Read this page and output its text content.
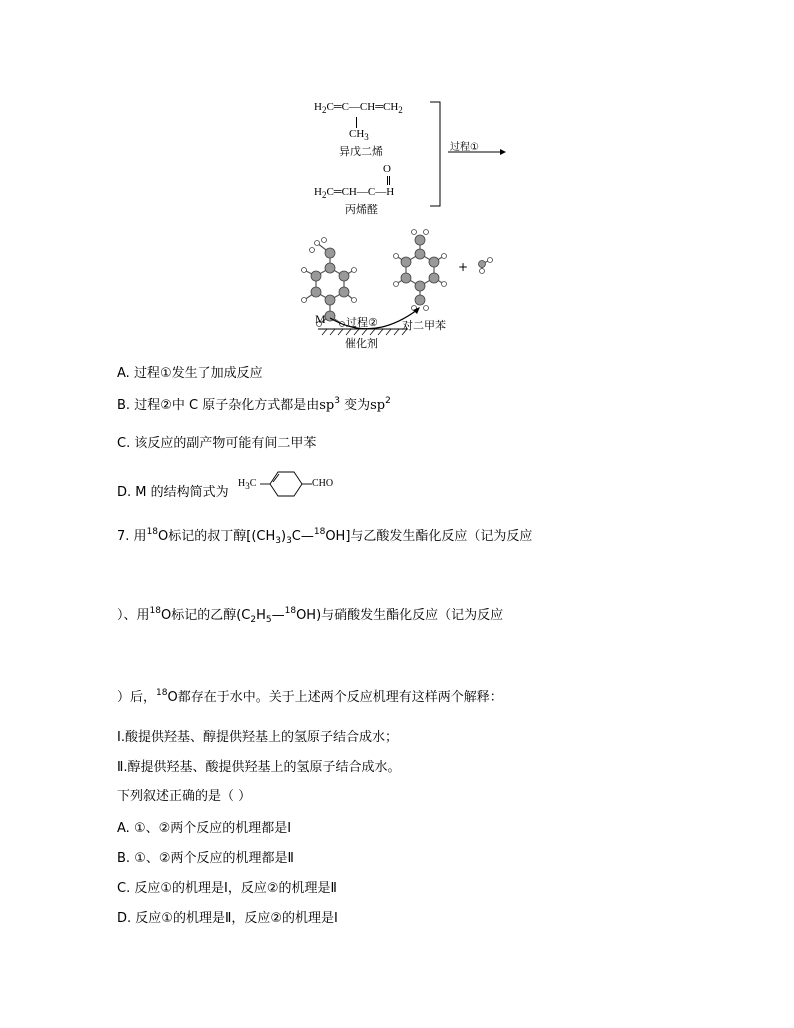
$H_2C═C—CH═CH_2$
$CH_3$
异戊二烯
O
$H_2C═CH—C—H$
丙烯醛
过程①
+
M 过程② 对二甲苯
催化剂
A. 过程①发生了加成反应
B. 过程②中 C 原子杂化方式都是由$sp^3$ 变为$sp^2$
C. 该反应的副产物可能有间二甲苯
D. M 的结构简式为
$H_3C$	CHO
7. 用$^{18}$O标记的叔丁醇$[(CH_3)_3C—^{18}OH]$与乙酸发生酯化反应（记为反应
）、用$^{18}$O标记的乙醇$(C_2H_5—^{18}OH)$与硝酸发生酯化反应（记为反应
）后，$^{18}$O都存在于水中。关于上述两个反应机理有这样两个解释：
Ⅰ.酸提供羟基、醇提供羟基上的氢原子结合成水；
Ⅱ.醇提供羟基、酸提供羟基上的氢原子结合成水。
下列叙述正确的是（ ）
A. ①、②两个反应的机理都是Ⅰ
B. ①、②两个反应的机理都是Ⅱ
C. 反应①的机理是Ⅰ，反应②的机理是Ⅱ
D. 反应①的机理是Ⅱ，反应②的机理是Ⅰ
